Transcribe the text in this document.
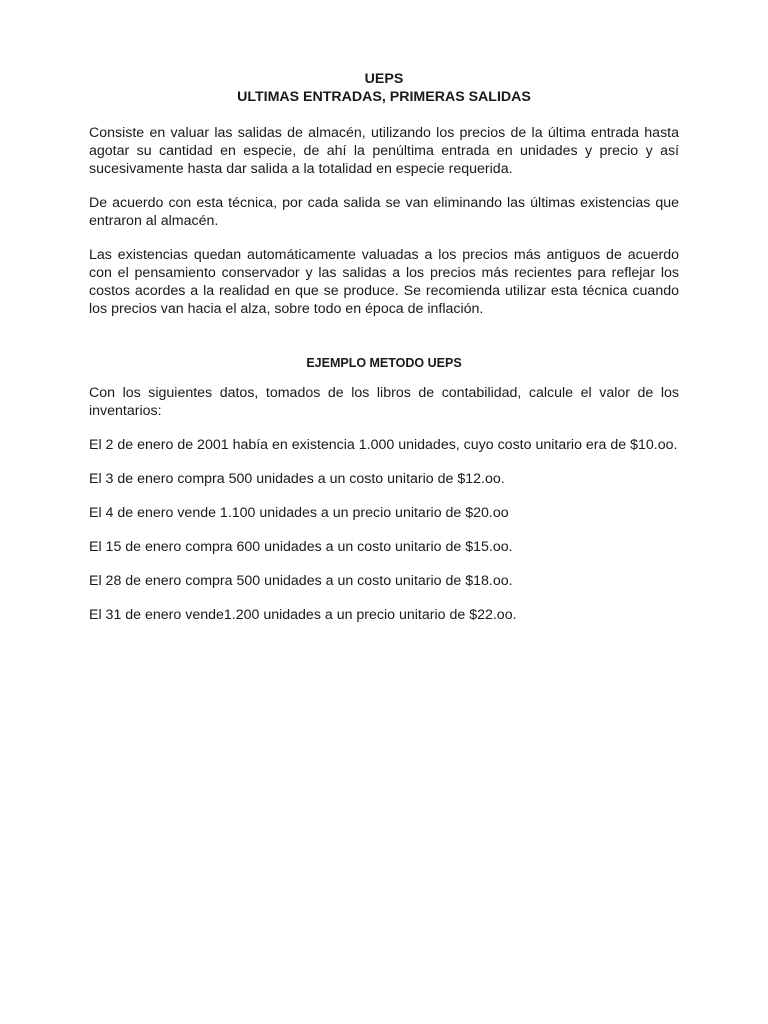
UEPS
ULTIMAS ENTRADAS, PRIMERAS SALIDAS

Consiste en valuar las salidas de almacén, utilizando los precios de la última entrada hasta agotar su cantidad en especie, de ahí la penúltima entrada en unidades y precio y así sucesivamente hasta dar salida a la totalidad en especie requerida.

De acuerdo con esta técnica, por cada salida se van eliminando las últimas existencias que entraron al almacén.

Las existencias quedan automáticamente valuadas a los precios más antiguos de acuerdo con el pensamiento conservador y las salidas a los precios más recientes para reflejar los costos acordes a la realidad en que se produce. Se recomienda utilizar esta técnica cuando los precios van hacia el alza, sobre todo en época de inflación.

EJEMPLO METODO UEPS

Con los siguientes datos, tomados de los libros de contabilidad, calcule el valor de los inventarios:

El 2 de enero de 2001 había en existencia 1.000 unidades, cuyo costo unitario era de $10.oo.

El 3 de enero compra 500 unidades a un costo unitario de $12.oo.

El 4 de enero vende 1.100 unidades a un precio unitario de $20.oo

El 15 de enero compra 600 unidades a un costo unitario de $15.oo.

El 28 de enero compra 500 unidades a un costo unitario de $18.oo.

El 31 de enero vende1.200 unidades a un precio unitario de $22.oo.
